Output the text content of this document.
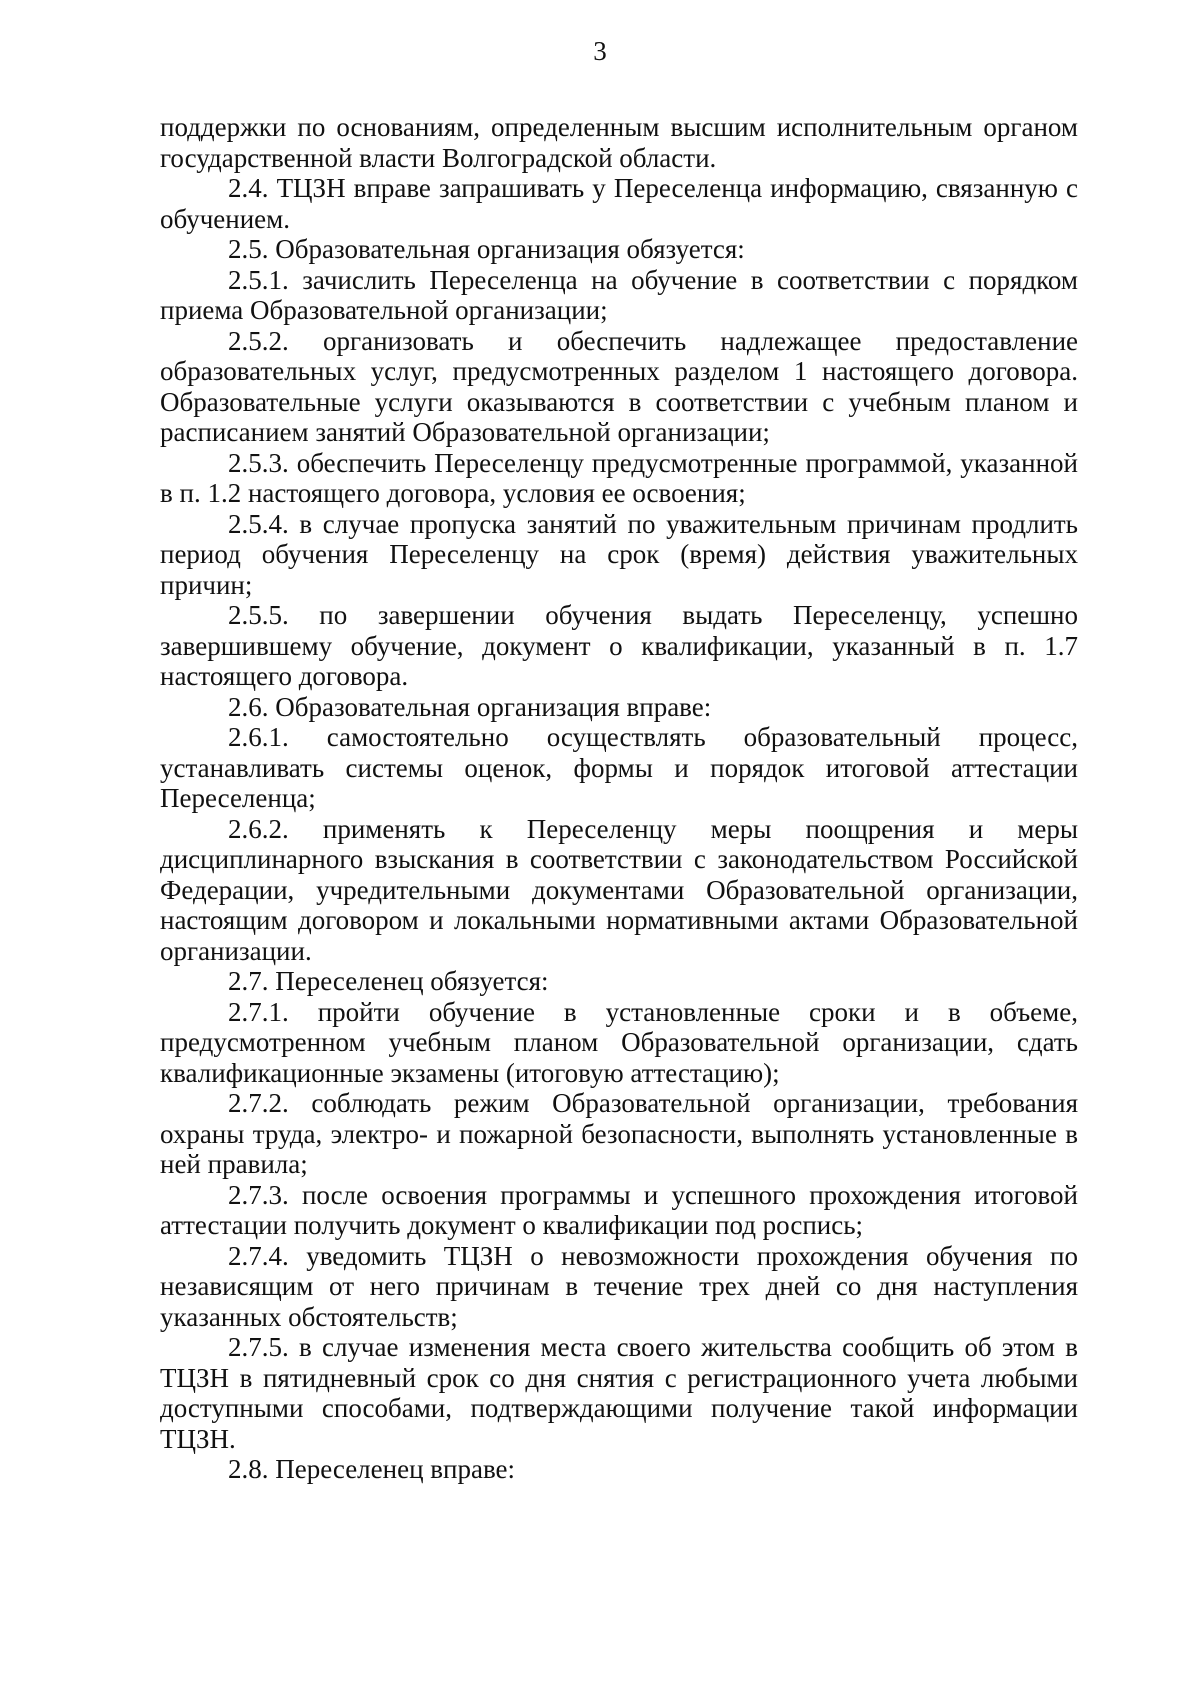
3

поддержки по основаниям, определенным высшим исполнительным органом государственной власти Волгоградской области.

2.4. ТЦЗН вправе запрашивать у Переселенца информацию, связанную с обучением.

2.5. Образовательная организация обязуется:

2.5.1. зачислить Переселенца на обучение в соответствии с порядком приема Образовательной организации;

2.5.2. организовать и обеспечить надлежащее предоставление образовательных услуг, предусмотренных разделом 1 настоящего договора. Образовательные услуги оказываются в соответствии с учебным планом и расписанием занятий Образовательной организации;

2.5.3. обеспечить Переселенцу предусмотренные программой, указанной в п. 1.2 настоящего договора, условия ее освоения;

2.5.4. в случае пропуска занятий по уважительным причинам продлить период обучения Переселенцу на срок (время) действия уважительных причин;

2.5.5. по завершении обучения выдать Переселенцу, успешно завершившему обучение, документ о квалификации, указанный в п. 1.7 настоящего договора.

2.6. Образовательная организация вправе:

2.6.1. самостоятельно осуществлять образовательный процесс, устанавливать системы оценок, формы и порядок итоговой аттестации Переселенца;

2.6.2. применять к Переселенцу меры поощрения и меры дисциплинарного взыскания в соответствии с законодательством Российской Федерации, учредительными документами Образовательной организации, настоящим договором и локальными нормативными актами Образовательной организации.

2.7. Переселенец обязуется:

2.7.1. пройти обучение в установленные сроки и в объеме, предусмотренном учебным планом Образовательной организации, сдать квалификационные экзамены (итоговую аттестацию);

2.7.2. соблюдать режим Образовательной организации, требования охраны труда, электро- и пожарной безопасности, выполнять установленные в ней правила;

2.7.3. после освоения программы и успешного прохождения итоговой аттестации получить документ о квалификации под роспись;

2.7.4. уведомить ТЦЗН о невозможности прохождения обучения по независящим от него причинам в течение трех дней со дня наступления указанных обстоятельств;

2.7.5. в случае изменения места своего жительства сообщить об этом в ТЦЗН в пятидневный срок со дня снятия с регистрационного учета любыми доступными способами, подтверждающими получение такой информации ТЦЗН.

2.8. Переселенец вправе:
